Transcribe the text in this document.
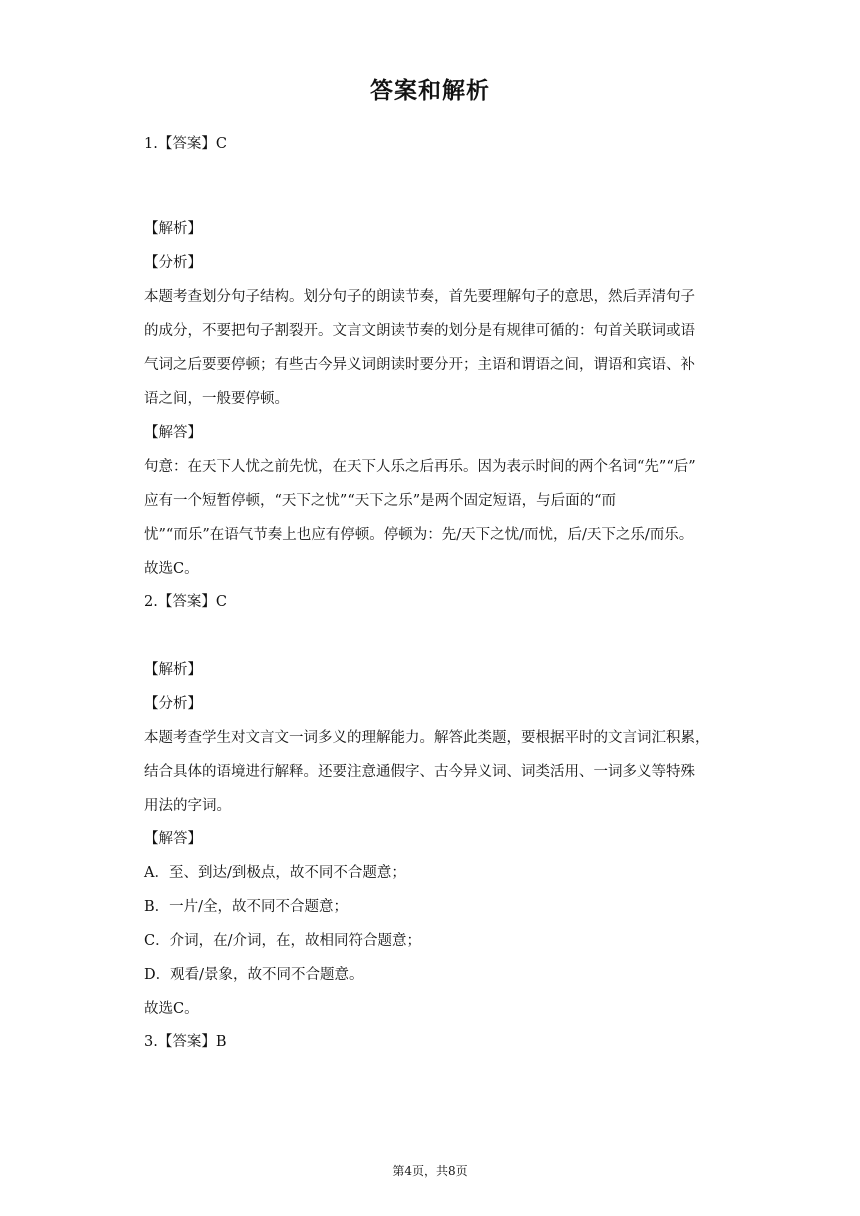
答案和解析
1.【答案】C
【解析】
【分析】
本题考查划分句子结构。划分句子的朗读节奏，首先要理解句子的意思，然后弄清句子
的成分，不要把句子割裂开。文言文朗读节奏的划分是有规律可循的：句首关联词或语
气词之后要要停顿；有些古今异义词朗读时要分开；主语和谓语之间，谓语和宾语、补
语之间，一般要停顿。
【解答】
句意：在天下人忧之前先忧，在天下人乐之后再乐。因为表示时间的两个名词“先”“后”
应有一个短暂停顿，“天下之忧”“天下之乐”是两个固定短语，与后面的“而
忧”“而乐”在语气节奏上也应有停顿。停顿为：先/天下之忧/而忧，后/天下之乐/而乐。
故选C。
2.【答案】C
【解析】
【分析】
本题考查学生对文言文一词多义的理解能力。解答此类题，要根据平时的文言词汇积累，
结合具体的语境进行解释。还要注意通假字、古今异义词、词类活用、一词多义等特殊
用法的字词。
【解答】
A．至、到达/到极点，故不同不合题意；
B．一片/全，故不同不合题意；
C．介词，在/介词，在，故相同符合题意；
D．观看/景象，故不同不合题意。
故选C。
3.【答案】B
第4页，共8页
